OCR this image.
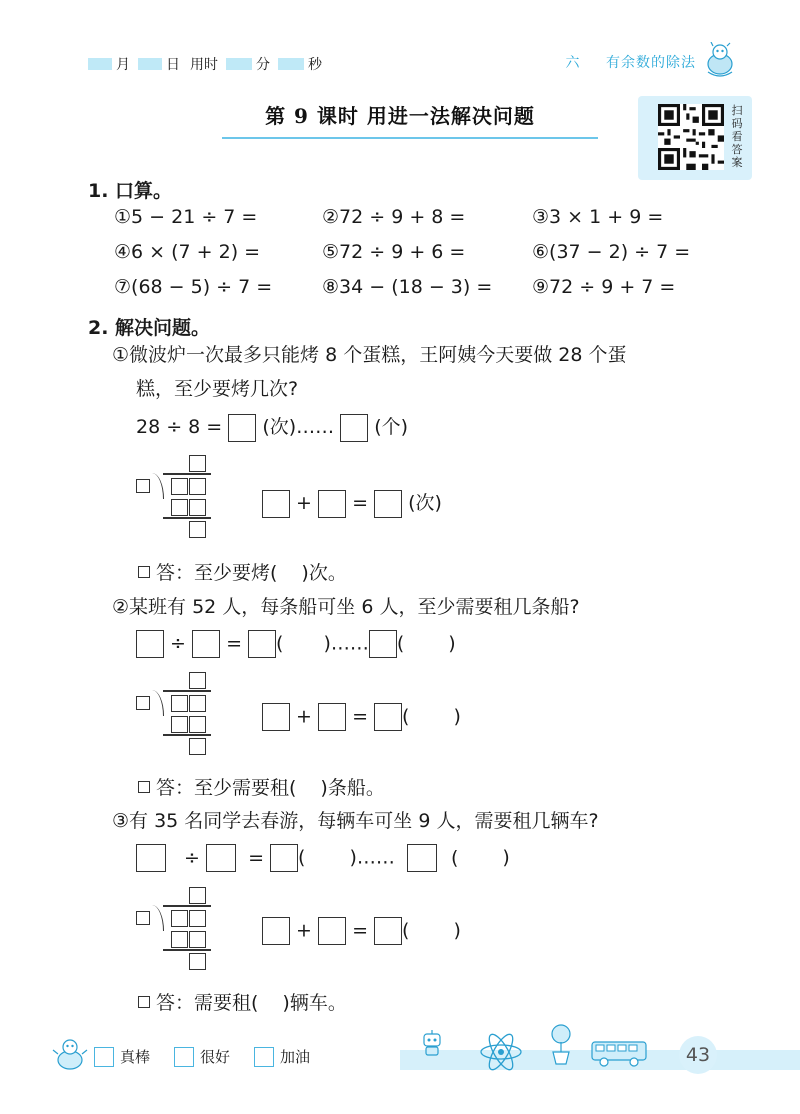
月	日 用时	分	秒	六 有余数的除法
第 9 课时 用进一法解决问题	扫码看答案
1. 口算。
①5 − 21 ÷ 7 =	②72 ÷ 9 + 8 =	③3 × 1 + 9 =
④6 × (7 + 2) =	⑤72 ÷ 9 + 6 =	⑥(37 − 2) ÷ 7 =
⑦(68 − 5) ÷ 7 =	⑧34 − (18 − 3) =	⑨72 ÷ 9 + 7 =
2. 解决问题。
①微波炉一次最多只能烤 8 个蛋糕，王阿姨今天要做 28 个蛋
糕，至少要烤几次?
28 ÷ 8 = (次)…… (个)
+ = (次)
答：至少要烤( )次。
②某班有 52 人，每条船可坐 6 人，至少需要租几条船?
÷ = ( )…… ( )
+ = ( )
答：至少需要租( )条船。
③有 35 名同学去春游，每辆车可坐 9 人，需要租几辆车?
÷	= ( )……	( )
+ = ( )
答：需要租( )辆车。
真棒	很好	加油	43
